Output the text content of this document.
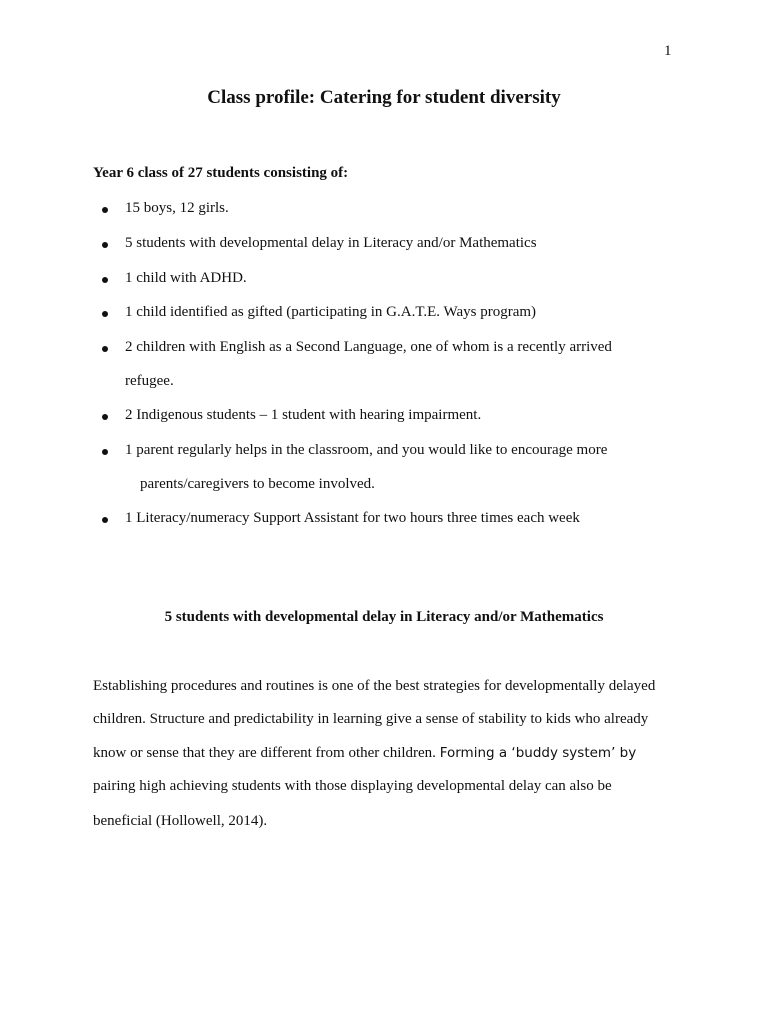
1
Class profile: Catering for student diversity
Year 6 class of 27 students consisting of:
15 boys, 12 girls.
5 students with developmental delay in Literacy and/or Mathematics
1 child with ADHD.
1 child identified as gifted (participating in G.A.T.E. Ways program)
2 children with English as a Second Language, one of whom is a recently arrived
refugee.
2 Indigenous students – 1 student with hearing impairment.
1 parent regularly helps in the classroom, and you would like to encourage more
parents/caregivers to become involved.
1 Literacy/numeracy Support Assistant for two hours three times each week
5 students with developmental delay in Literacy and/or Mathematics
Establishing procedures and routines is one of the best strategies for developmentally delayed
children. Structure and predictability in learning give a sense of stability to kids who already
know or sense that they are different from other children. Forming a ‘buddy system’ by
pairing high achieving students with those displaying developmental delay can also be
beneficial (Hollowell, 2014).
